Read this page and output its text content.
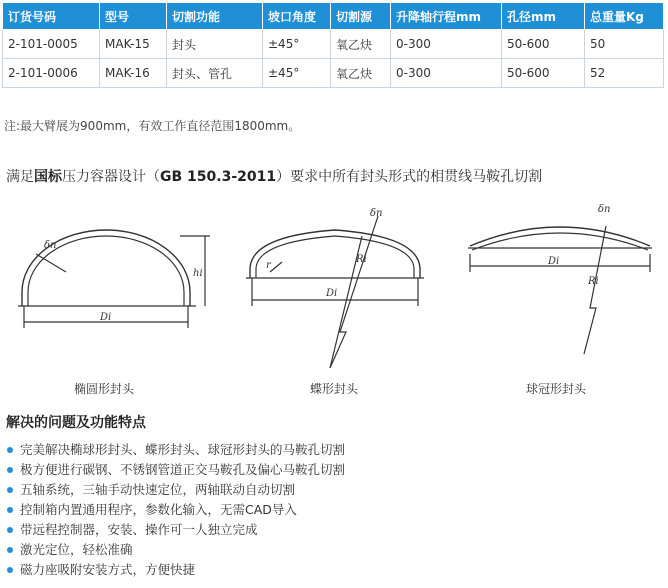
订货号码	型号	切割功能	坡口角度	切割源	升降轴行程mm	孔径mm	总重量Kg
2-101-0005	MAK-15	封头	±45°	氧乙炔	0-300	50-600	50
2-101-0006	MAK-16	封头、管孔	±45°	氧乙炔	0-300	50-600	52
注:最大臂展为900mm，有效工作直径范围1800mm。
满足国标压力容器设计（GB 150.3-2011）要求中所有封头形式的相贯线马鞍孔切割
δn
hi
Di
δn
r
Ri
Di
δn
Di
Ri
椭圆形封头	蝶形封头	球冠形封头
解决的问题及功能特点
完美解决椭球形封头、蝶形封头、球冠形封头的马鞍孔切割
极方便进行碳钢、不锈钢管道正交马鞍孔及偏心马鞍孔切割
五轴系统，三轴手动快速定位，两轴联动自动切割
控制箱内置通用程序，参数化输入，无需CAD导入
带远程控制器，安装、操作可一人独立完成
激光定位，轻松准确
磁力座吸附安装方式，方便快捷
